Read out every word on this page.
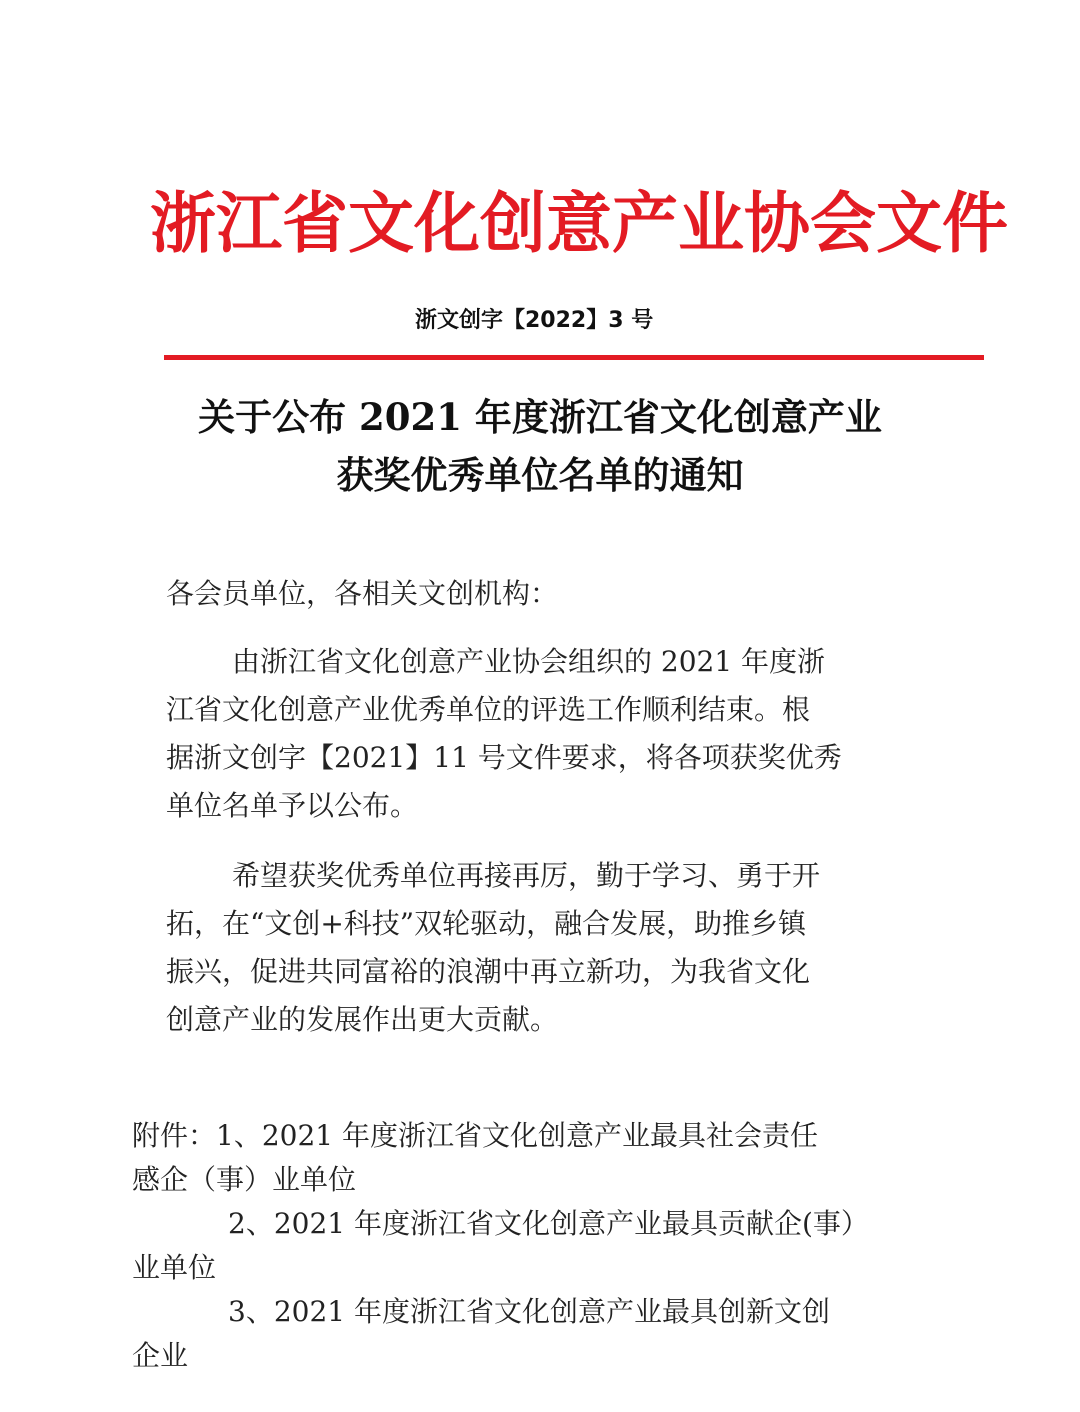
浙江省文化创意产业协会文件
浙文创字【2022】3 号
关于公布 2021 年度浙江省文化创意产业
获奖优秀单位名单的通知
各会员单位，各相关文创机构：
由浙江省文化创意产业协会组织的 2021 年度浙
江省文化创意产业优秀单位的评选工作顺利结束。根
据浙文创字【2021】11 号文件要求，将各项获奖优秀
单位名单予以公布。
希望获奖优秀单位再接再厉，勤于学习、勇于开
拓，在“文创+科技”双轮驱动，融合发展，助推乡镇
振兴，促进共同富裕的浪潮中再立新功，为我省文化
创意产业的发展作出更大贡献。
附件：1、2021 年度浙江省文化创意产业最具社会责任
感企（事）业单位
2、2021 年度浙江省文化创意产业最具贡献企(事）
业单位
3、2021 年度浙江省文化创意产业最具创新文创
企业
